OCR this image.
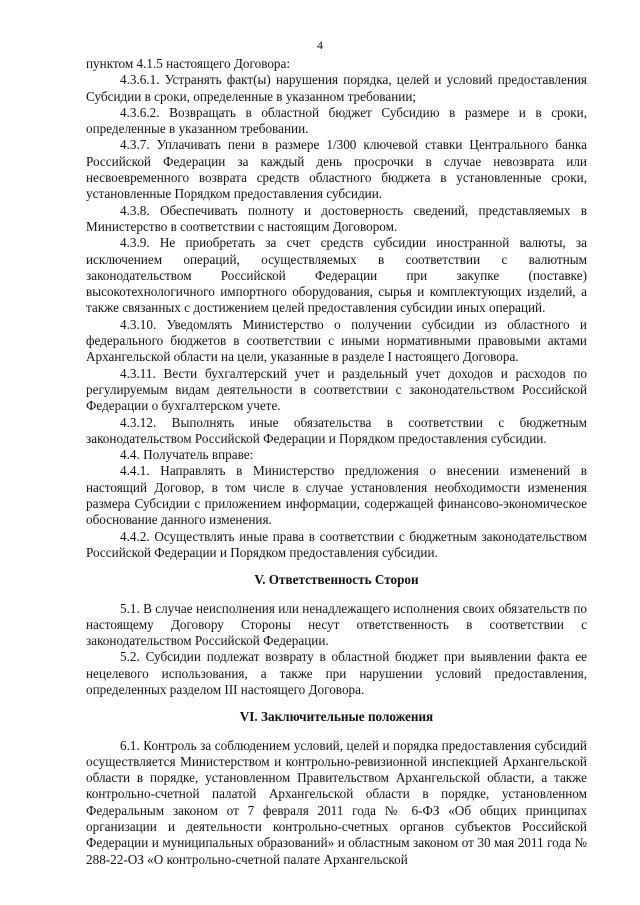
4

пунктом 4.1.5 настоящего Договора:

4.3.6.1. Устранять факт(ы) нарушения порядка, целей и условий предоставления Субсидии в сроки, определенные в указанном требовании;

4.3.6.2. Возвращать в областной бюджет Субсидию в размере и в сроки, определенные в указанном требовании.

4.3.7. Уплачивать пени в размере 1/300 ключевой ставки Центрального банка Российской Федерации за каждый день просрочки в случае невозврата или несвоевременного возврата средств областного бюджета в установленные сроки, установленные Порядком предоставления субсидии.

4.3.8. Обеспечивать полноту и достоверность сведений, представляемых в Министерство в соответствии с настоящим Договором.

4.3.9. Не приобретать за счет средств субсидии иностранной валюты, за исключением операций, осуществляемых в соответствии с валютным законодательством Российской Федерации при закупке (поставке) высокотехнологичного импортного оборудования, сырья и комплектующих изделий, а также связанных с достижением целей предоставления субсидии иных операций.

4.3.10. Уведомлять Министерство о получении субсидии из областного и федерального бюджетов в соответствии с иными нормативными правовыми актами Архангельской области на цели, указанные в разделе I настоящего Договора.

4.3.11. Вести бухгалтерский учет и раздельный учет доходов и расходов по регулируемым видам деятельности в соответствии с законодательством Российской Федерации о бухгалтерском учете.

4.3.12. Выполнять иные обязательства в соответствии с бюджетным законодательством Российской Федерации и Порядком предоставления субсидии.

4.4. Получатель вправе:

4.4.1. Направлять в Министерство предложения о внесении изменений в настоящий Договор, в том числе в случае установления необходимости изменения размера Субсидии с приложением информации, содержащей финансово-экономическое обоснование данного изменения.

4.4.2. Осуществлять иные права в соответствии с бюджетным законодательством Российской Федерации и Порядком предоставления субсидии.

V. Ответственность Сторон

5.1. В случае неисполнения или ненадлежащего исполнения своих обязательств по настоящему Договору Стороны несут ответственность в соответствии с законодательством Российской Федерации.

5.2. Субсидии подлежат возврату в областной бюджет при выявлении факта ее нецелевого использования, а также при нарушении условий предоставления, определенных разделом III настоящего Договора.

VI. Заключительные положения

6.1. Контроль за соблюдением условий, целей и порядка предоставления субсидий осуществляется Министерством и контрольно-ревизионной инспекцией Архангельской области в порядке, установленном Правительством Архангельской области, а также контрольно-счетной палатой Архангельской области в порядке, установленном Федеральным законом от 7 февраля 2011 года № 6-ФЗ «Об общих принципах организации и деятельности контрольно-счетных органов субъектов Российской Федерации и муниципальных образований» и областным законом от 30 мая 2011 года № 288-22-ОЗ «О контрольно-счетной палате Архангельской
